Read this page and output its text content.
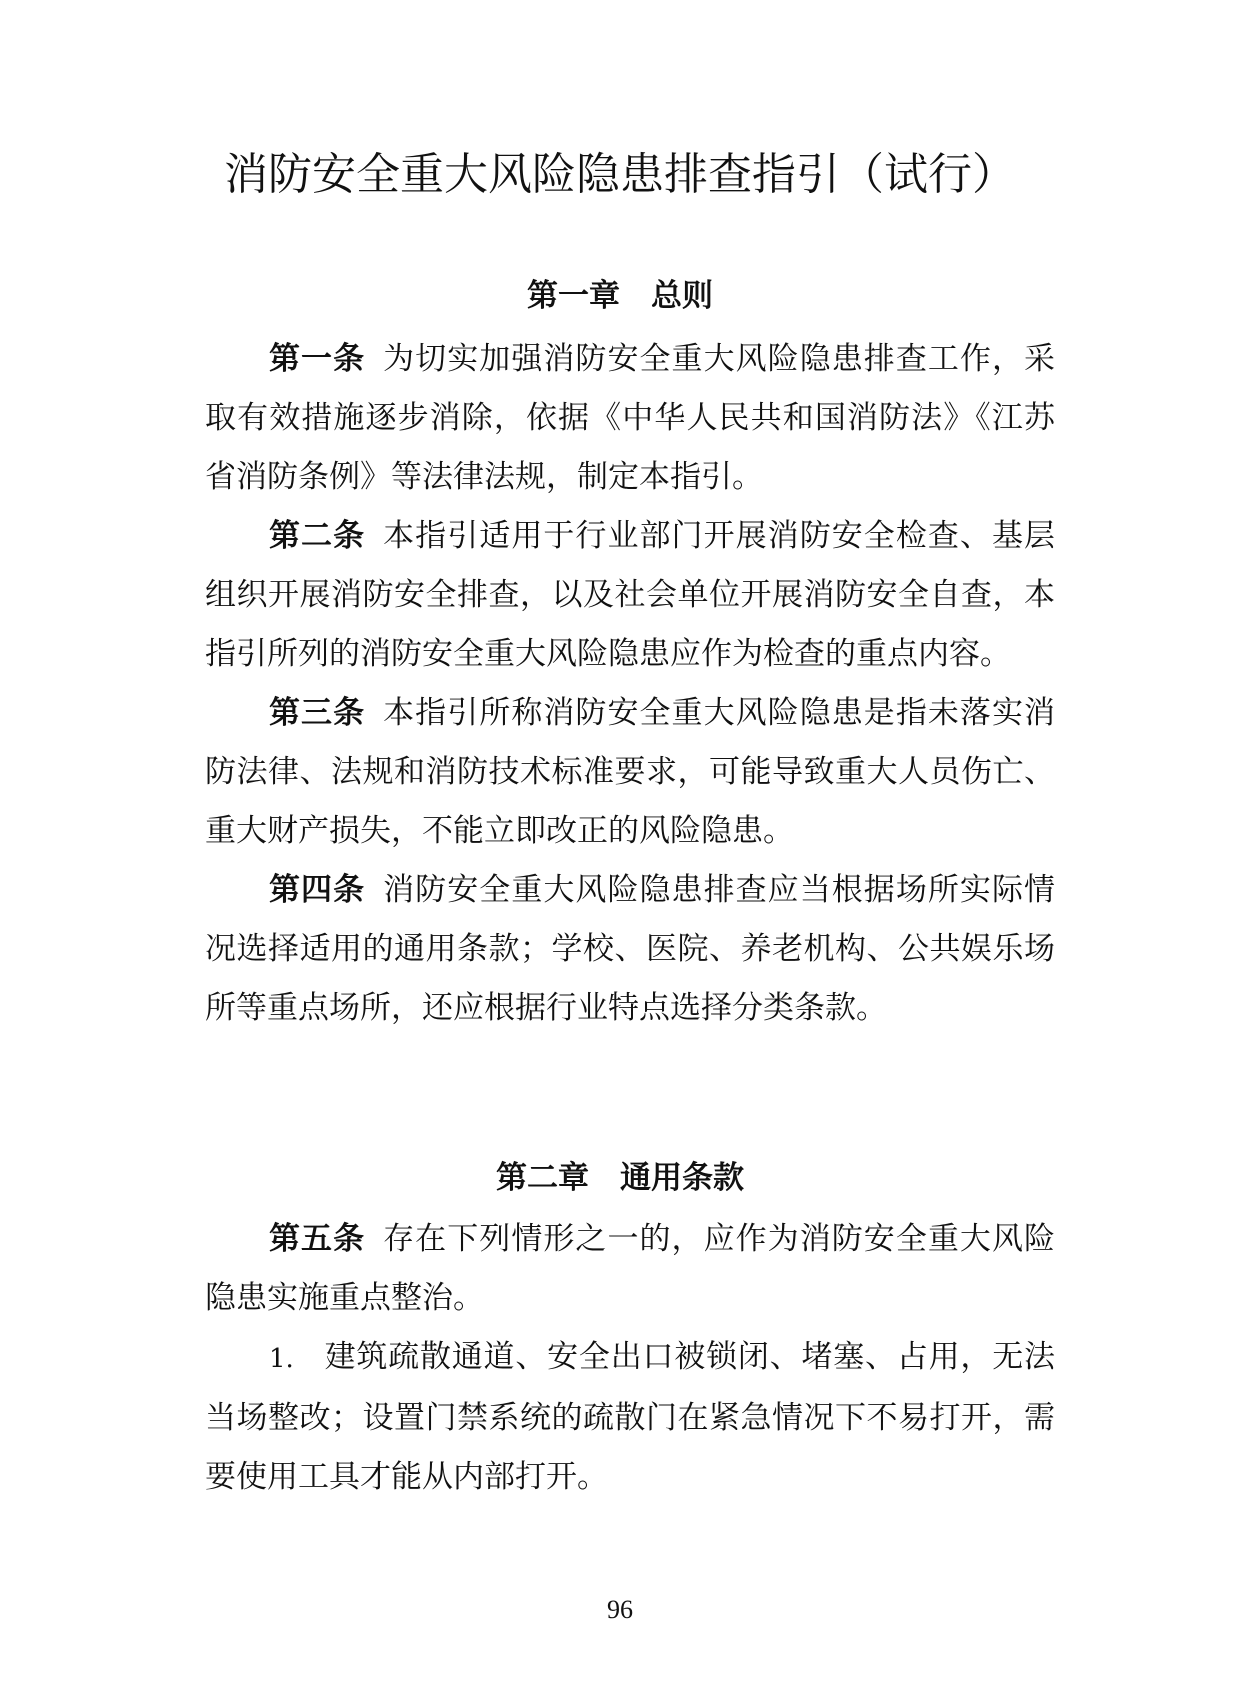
消防安全重大风险隐患排查指引（试行）
第一章　总则

第一条 为切实加强消防安全重大风险隐患排查工作，采取有效措施逐步消除，依据《中华人民共和国消防法》《江苏省消防条例》等法律法规，制定本指引。

第二条 本指引适用于行业部门开展消防安全检查、基层组织开展消防安全排查，以及社会单位开展消防安全自查，本指引所列的消防安全重大风险隐患应作为检查的重点内容。

第三条 本指引所称消防安全重大风险隐患是指未落实消防法律、法规和消防技术标准要求，可能导致重大人员伤亡、重大财产损失，不能立即改正的风险隐患。

第四条 消防安全重大风险隐患排查应当根据场所实际情况选择适用的通用条款；学校、医院、养老机构、公共娱乐场所等重点场所，还应根据行业特点选择分类条款。

第二章　通用条款

第五条 存在下列情形之一的，应作为消防安全重大风险隐患实施重点整治。

1. 建筑疏散通道、安全出口被锁闭、堵塞、占用，无法当场整改；设置门禁系统的疏散门在紧急情况下不易打开，需要使用工具才能从内部打开。

96
